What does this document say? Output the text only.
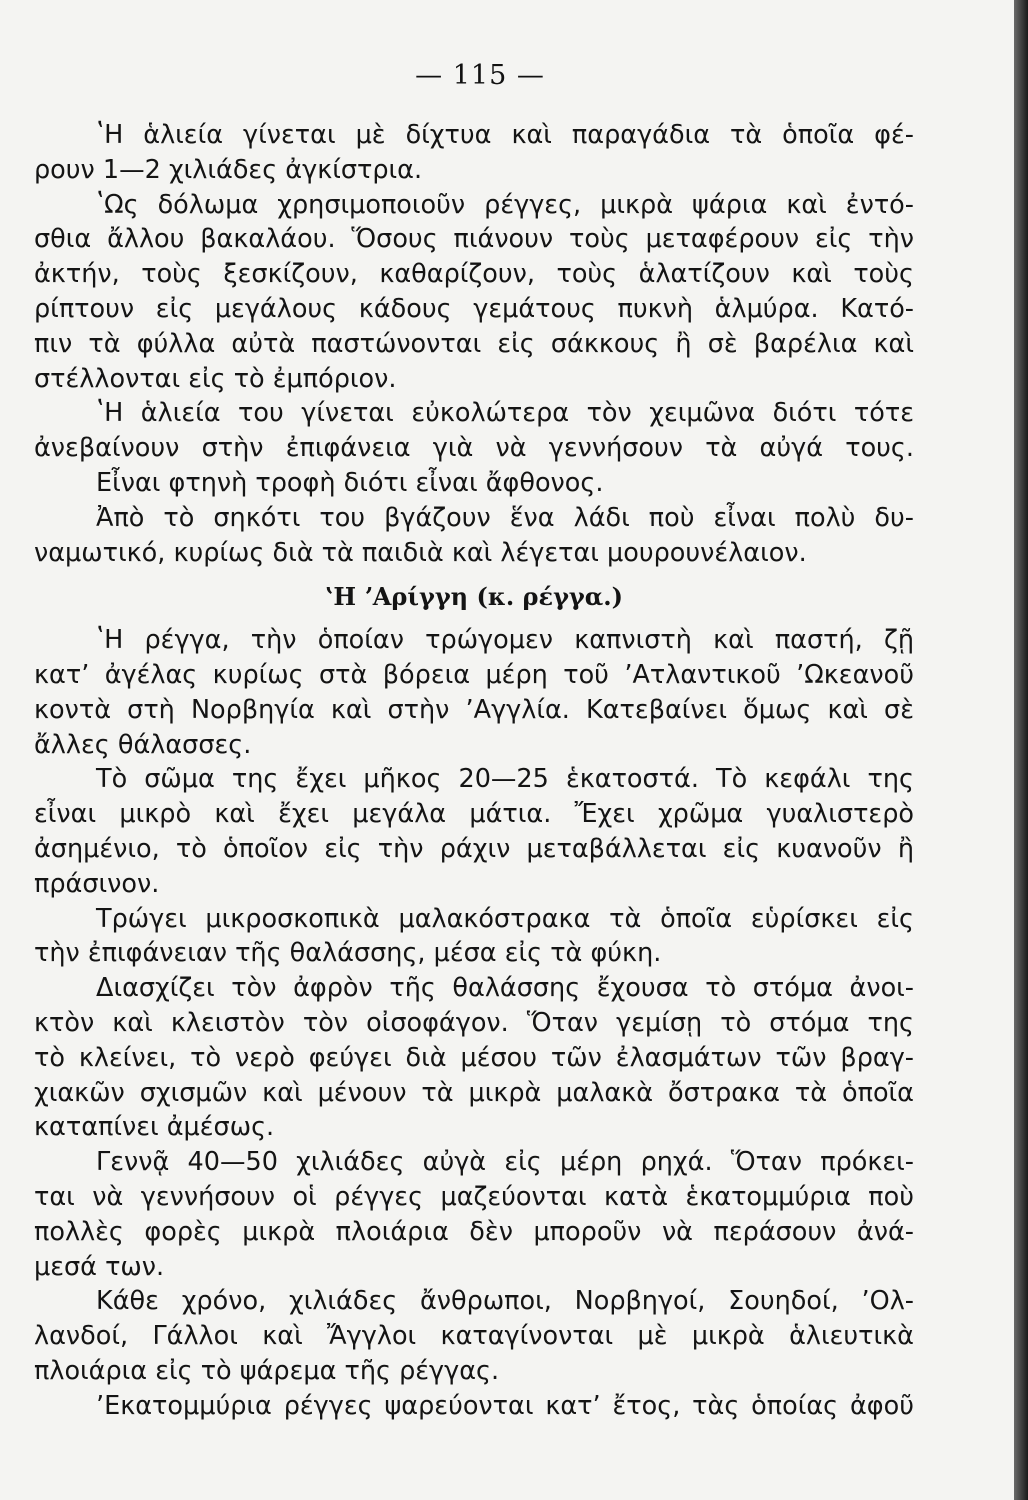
— 115 —
ʽΗ ἁλιεία γίνεται μὲ δίχτυα καὶ παραγάδια τὰ ὁποῖα φέ-
ρουν 1—2 χιλιάδες ἀγκίστρια.
ʽΩς δόλωμα χρησιμοποιοῦν ρέγγες, μικρὰ ψάρια καὶ ἐντό-
σθια ἄλλου βακαλάου. Ὅσους πιάνουν τοὺς μεταφέρουν εἰς τὴν
ἀκτήν, τοὺς ξεσκίζουν, καθαρίζουν, τοὺς ἁλατίζουν καὶ τοὺς
ρίπτουν εἰς μεγάλους κάδους γεμάτους πυκνὴ ἁλμύρα. Κατό-
πιν τὰ φύλλα αὐτὰ παστώνονται εἰς σάκκους ἢ σὲ βαρέλια καὶ
στέλλονται εἰς τὸ ἐμπόριον.
ʽΗ ἁλιεία του γίνεται εὐκολώτερα τὸν χειμῶνα διότι τότε
ἀνεβαίνουν στὴν ἐπιφάνεια γιὰ νὰ γεννήσουν τὰ αὐγά τους.
Εἶναι φτηνὴ τροφὴ διότι εἶναι ἄφθονος.
Ἀπὸ τὸ σηκότι του βγάζουν ἕνα λάδι ποὺ εἶναι πολὺ δυ-
ναμωτικό, κυρίως διὰ τὰ παιδιὰ καὶ λέγεται μουρουνέλαιον.
ʽΗ ʼΑρίγγη (κ. ρέγγα.)
ʽΗ ρέγγα, τὴν ὁποίαν τρώγομεν καπνιστὴ καὶ παστή, ζῇ
κατʼ ἀγέλας κυρίως στὰ βόρεια μέρη τοῦ ʼΑτλαντικοῦ ʼΩκεανοῦ
κοντὰ στὴ Νορβηγία καὶ στὴν ʼΑγγλία. Κατεβαίνει ὅμως καὶ σὲ
ἄλλες θάλασσες.
Τὸ σῶμα της ἔχει μῆκος 20—25 ἑκατοστά. Τὸ κεφάλι της
εἶναι μικρὸ καὶ ἔχει μεγάλα μάτια. Ἔχει χρῶμα γυαλιστερὸ
ἀσημένιο, τὸ ὁποῖον εἰς τὴν ράχιν μεταβάλλεται εἰς κυανοῦν ἢ
πράσινον.
Τρώγει μικροσκοπικὰ μαλακόστρακα τὰ ὁποῖα εὑρίσκει εἰς
τὴν ἐπιφάνειαν τῆς θαλάσσης, μέσα εἰς τὰ φύκη.
Διασχίζει τὸν ἀφρὸν τῆς θαλάσσης ἔχουσα τὸ στόμα ἀνοι-
κτὸν καὶ κλειστὸν τὸν οἰσοφάγον. Ὅταν γεμίσῃ τὸ στόμα της
τὸ κλείνει, τὸ νερὸ φεύγει διὰ μέσου τῶν ἐλασμάτων τῶν βραγ-
χιακῶν σχισμῶν καὶ μένουν τὰ μικρὰ μαλακὰ ὄστρακα τὰ ὁποῖα
καταπίνει ἀμέσως.
Γεννᾷ 40—50 χιλιάδες αὐγὰ εἰς μέρη ρηχά. Ὅταν πρόκει-
ται νὰ γεννήσουν οἱ ρέγγες μαζεύονται κατὰ ἑκατομμύρια ποὺ
πολλὲς φορὲς μικρὰ πλοιάρια δὲν μποροῦν νὰ περάσουν ἀνά-
μεσά των.
Κάθε χρόνο, χιλιάδες ἄνθρωποι, Νορβηγοί, Σουηδοί, ʼΟλ-
λανδοί, Γάλλοι καὶ Ἄγγλοι καταγίνονται μὲ μικρὰ ἁλιευτικὰ
πλοιάρια εἰς τὸ ψάρεμα τῆς ρέγγας.
ʼΕκατομμύρια ρέγγες ψαρεύονται κατʼ ἔτος, τὰς ὁποίας ἀφοῦ
